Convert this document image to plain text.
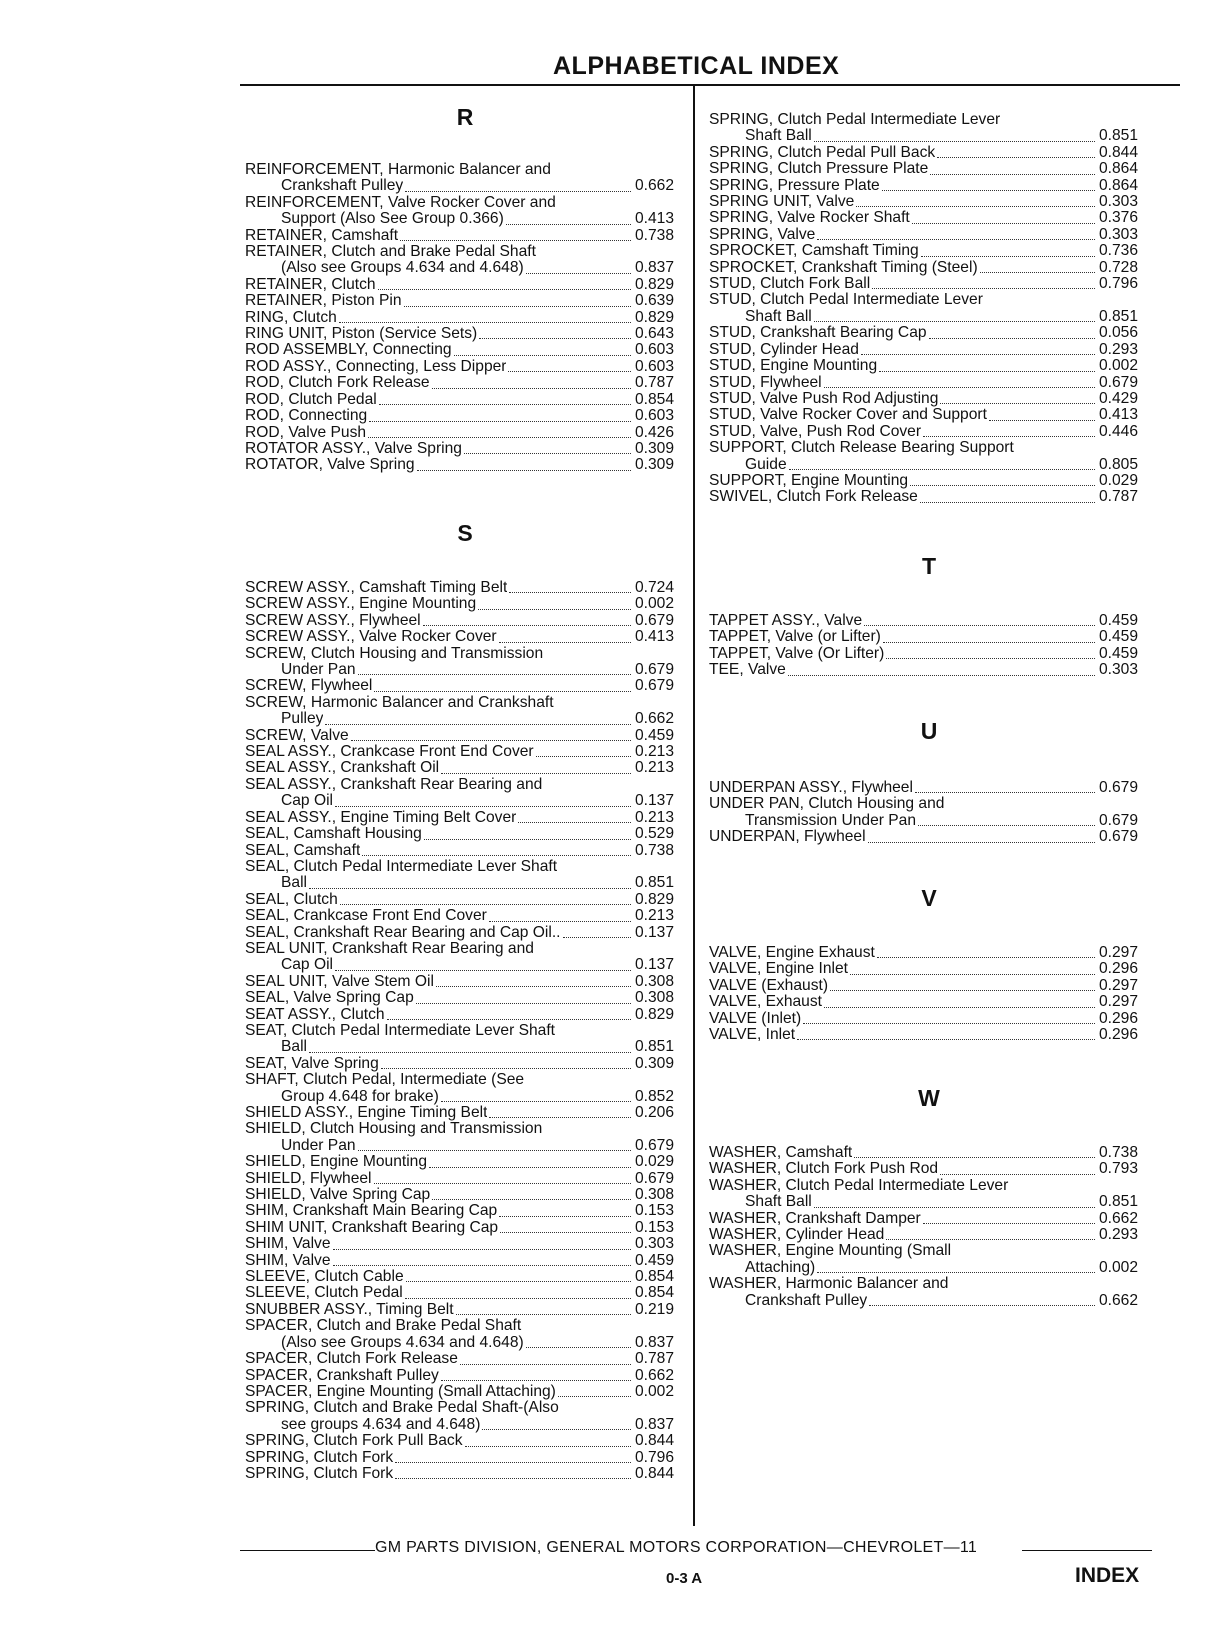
ALPHABETICAL INDEX
R
REINFORCEMENT, Harmonic Balancer and
Crankshaft Pulley	0.662
REINFORCEMENT, Valve Rocker Cover and
Support (Also See Group 0.366)	0.413
RETAINER, Camshaft	0.738
RETAINER, Clutch and Brake Pedal Shaft
(Also see Groups 4.634 and 4.648)	0.837
RETAINER, Clutch	0.829
RETAINER, Piston Pin	0.639
RING, Clutch	0.829
RING UNIT, Piston (Service Sets)	0.643
ROD ASSEMBLY, Connecting	0.603
ROD ASSY., Connecting, Less Dipper	0.603
ROD, Clutch Fork Release	0.787
ROD, Clutch Pedal	0.854
ROD, Connecting	0.603
ROD, Valve Push	0.426
ROTATOR ASSY., Valve Spring	0.309
ROTATOR, Valve Spring	0.309
S
SCREW ASSY., Camshaft Timing Belt	0.724
SCREW ASSY., Engine Mounting	0.002
SCREW ASSY., Flywheel	0.679
SCREW ASSY., Valve Rocker Cover	0.413
SCREW, Clutch Housing and Transmission
Under Pan	0.679
SCREW, Flywheel	0.679
SCREW, Harmonic Balancer and Crankshaft
Pulley	0.662
SCREW, Valve	0.459
SEAL ASSY., Crankcase Front End Cover	0.213
SEAL ASSY., Crankshaft Oil	0.213
SEAL ASSY., Crankshaft Rear Bearing and
Cap Oil	0.137
SEAL ASSY., Engine Timing Belt Cover	0.213
SEAL, Camshaft Housing	0.529
SEAL, Camshaft	0.738
SEAL, Clutch Pedal Intermediate Lever Shaft
Ball	0.851
SEAL, Clutch	0.829
SEAL, Crankcase Front End Cover	0.213
SEAL, Crankshaft Rear Bearing and Cap Oil..	0.137
SEAL UNIT, Crankshaft Rear Bearing and
Cap Oil	0.137
SEAL UNIT, Valve Stem Oil	0.308
SEAL, Valve Spring Cap	0.308
SEAT ASSY., Clutch	0.829
SEAT, Clutch Pedal Intermediate Lever Shaft
Ball	0.851
SEAT, Valve Spring	0.309
SHAFT, Clutch Pedal, Intermediate (See
Group 4.648 for brake)	0.852
SHIELD ASSY., Engine Timing Belt	0.206
SHIELD, Clutch Housing and Transmission
Under Pan	0.679
SHIELD, Engine Mounting	0.029
SHIELD, Flywheel	0.679
SHIELD, Valve Spring Cap	0.308
SHIM, Crankshaft Main Bearing Cap	0.153
SHIM UNIT, Crankshaft Bearing Cap	0.153
SHIM, Valve	0.303
SHIM, Valve	0.459
SLEEVE, Clutch Cable	0.854
SLEEVE, Clutch Pedal	0.854
SNUBBER ASSY., Timing Belt	0.219
SPACER, Clutch and Brake Pedal Shaft
(Also see Groups 4.634 and 4.648)	0.837
SPACER, Clutch Fork Release	0.787
SPACER, Crankshaft Pulley	0.662
SPACER, Engine Mounting (Small Attaching)	0.002
SPRING, Clutch and Brake Pedal Shaft-(Also
see groups 4.634 and 4.648)	0.837
SPRING, Clutch Fork Pull Back	0.844
SPRING, Clutch Fork	0.796
SPRING, Clutch Fork	0.844
SPRING, Clutch Pedal Intermediate Lever
Shaft Ball	0.851
SPRING, Clutch Pedal Pull Back	0.844
SPRING, Clutch Pressure Plate	0.864
SPRING, Pressure Plate	0.864
SPRING UNIT, Valve	0.303
SPRING, Valve Rocker Shaft	0.376
SPRING, Valve	0.303
SPROCKET, Camshaft Timing	0.736
SPROCKET, Crankshaft Timing (Steel)	0.728
STUD, Clutch Fork Ball	0.796
STUD, Clutch Pedal Intermediate Lever
Shaft Ball	0.851
STUD, Crankshaft Bearing Cap	0.056
STUD, Cylinder Head	0.293
STUD, Engine Mounting	0.002
STUD, Flywheel	0.679
STUD, Valve Push Rod Adjusting	0.429
STUD, Valve Rocker Cover and Support	0.413
STUD, Valve, Push Rod Cover	0.446
SUPPORT, Clutch Release Bearing Support
Guide	0.805
SUPPORT, Engine Mounting	0.029
SWIVEL, Clutch Fork Release	0.787
T
TAPPET ASSY., Valve	0.459
TAPPET, Valve (or Lifter)	0.459
TAPPET, Valve (Or Lifter)	0.459
TEE, Valve	0.303
U
UNDERPAN ASSY., Flywheel	0.679
UNDER PAN, Clutch Housing and
Transmission Under Pan	0.679
UNDERPAN, Flywheel	0.679
V
VALVE, Engine Exhaust	0.297
VALVE, Engine Inlet	0.296
VALVE (Exhaust)	0.297
VALVE, Exhaust	0.297
VALVE (Inlet)	0.296
VALVE, Inlet	0.296
W
WASHER, Camshaft	0.738
WASHER, Clutch Fork Push Rod	0.793
WASHER, Clutch Pedal Intermediate Lever
Shaft Ball	0.851
WASHER, Crankshaft Damper	0.662
WASHER, Cylinder Head	0.293
WASHER, Engine Mounting (Small
Attaching)	0.002
WASHER, Harmonic Balancer and
Crankshaft Pulley	0.662
GM PARTS DIVISION, GENERAL MOTORS CORPORATION—CHEVROLET—11
0-3 A	INDEX
